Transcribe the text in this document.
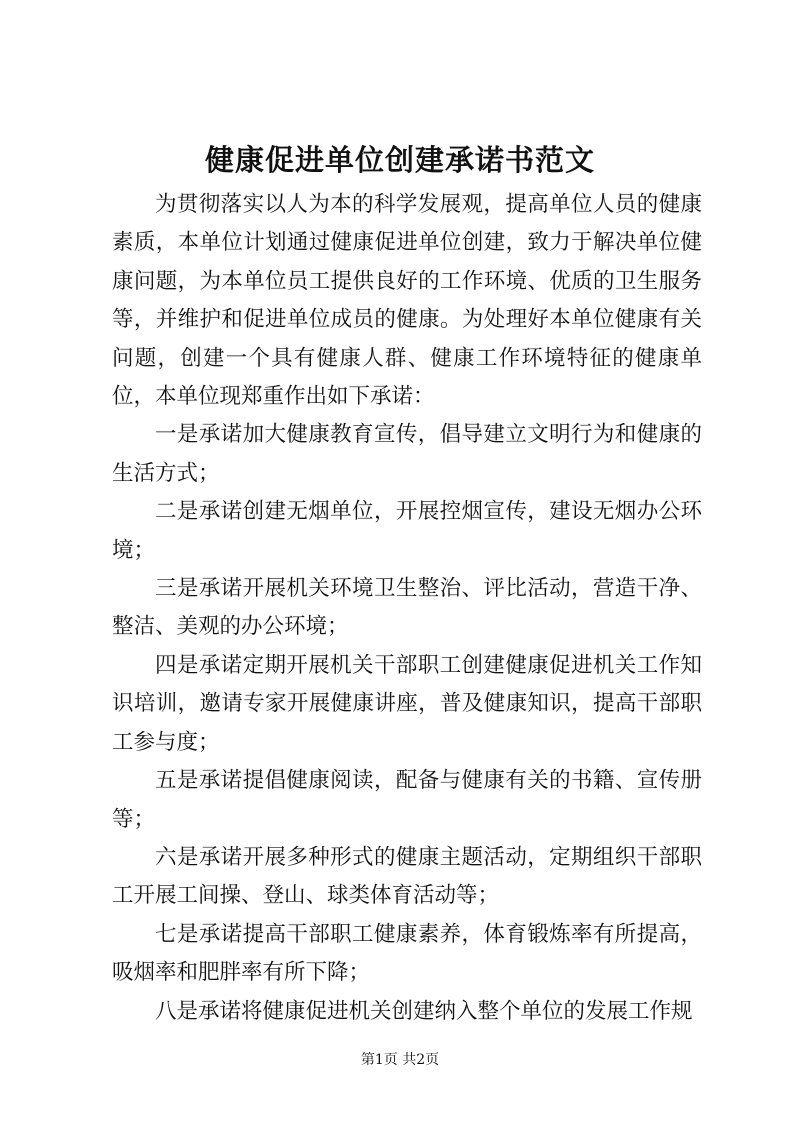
健康促进单位创建承诺书范文

为贯彻落实以人为本的科学发展观，提高单位人员的健康素质，本单位计划通过健康促进单位创建，致力于解决单位健康问题，为本单位员工提供良好的工作环境、优质的卫生服务等，并维护和促进单位成员的健康。为处理好本单位健康有关问题，创建一个具有健康人群、健康工作环境特征的健康单位，本单位现郑重作出如下承诺：

一是承诺加大健康教育宣传，倡导建立文明行为和健康的生活方式；

二是承诺创建无烟单位，开展控烟宣传，建设无烟办公环境；

三是承诺开展机关环境卫生整治、评比活动，营造干净、整洁、美观的办公环境；

四是承诺定期开展机关干部职工创建健康促进机关工作知识培训，邀请专家开展健康讲座，普及健康知识，提高干部职工参与度；

五是承诺提倡健康阅读，配备与健康有关的书籍、宣传册等；

六是承诺开展多种形式的健康主题活动，定期组织干部职工开展工间操、登山、球类体育活动等；

七是承诺提高干部职工健康素养，体育锻炼率有所提高，吸烟率和肥胖率有所下降；

八是承诺将健康促进机关创建纳入整个单位的发展工作规

第1页 共2页
